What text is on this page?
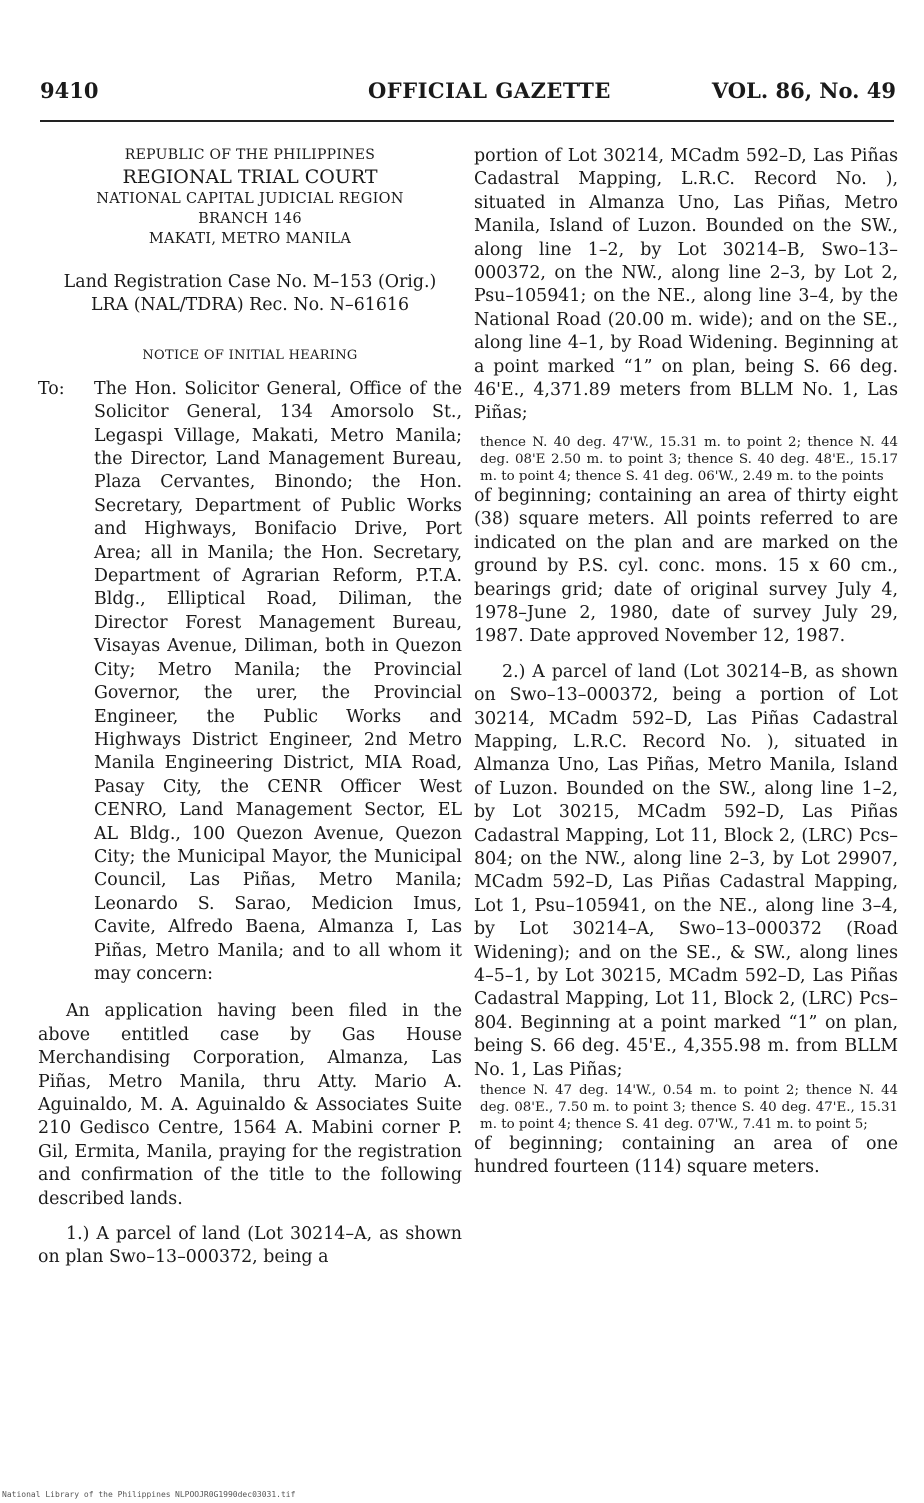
9410	OFFICIAL GAZETTE	VOL. 86, No. 49
REPUBLIC OF THE PHILIPPINES
REGIONAL TRIAL COURT
NATIONAL CAPITAL JUDICIAL REGION
BRANCH 146
MAKATI, METRO MANILA
Land Registration Case No. M–153 (Orig.)
LRA (NAL/TDRA) Rec. No. N–61616
NOTICE OF INITIAL HEARING
To:	The Hon. Solicitor General, Office of the Solicitor General, 134 Amorsolo St., Legaspi Village, Makati, Metro Manila; the Director, Land Management Bureau, Plaza Cervantes, Binondo; the Hon. Secretary, Department of Public Works and Highways, Bonifacio Drive, Port Area; all in Manila; the Hon. Secretary, Department of Agrarian Reform, P.T.A. Bldg., Elliptical Road, Diliman, the Director Forest Management Bureau, Visayas Avenue, Diliman, both in Quezon City; Metro Manila; the Provincial Governor, the urer, the Provincial Engineer, the Public Works and Highways District Engineer, 2nd Metro Manila Engineering District, MIA Road, Pasay City, the CENR Officer West CENRO, Land Management Sector, EL AL Bldg., 100 Quezon Avenue, Quezon City; the Municipal Mayor, the Municipal Council, Las Piñas, Metro Manila; Leonardo S. Sarao, Medicion Imus, Cavite, Alfredo Baena, Almanza I, Las Piñas, Metro Manila; and to all whom it may concern:

An application having been filed in the above entitled case by Gas House Merchandising Corporation, Almanza, Las Piñas, Metro Manila, thru Atty. Mario A. Aguinaldo, M. A. Aguinaldo & Associates Suite 210 Gedisco Centre, 1564 A. Mabini corner P. Gil, Ermita, Manila, praying for the registration and confirmation of the title to the following described lands.

1.) A parcel of land (Lot 30214–A, as shown on plan Swo–13–000372, being a

portion of Lot 30214, MCadm 592–D, Las Piñas Cadastral Mapping, L.R.C. Record No. ), situated in Almanza Uno, Las Piñas, Metro Manila, Island of Luzon. Bounded on the SW., along line 1–2, by Lot 30214–B, Swo–13–000372, on the NW., along line 2–3, by Lot 2, Psu–105941; on the NE., along line 3–4, by the National Road (20.00 m. wide); and on the SE., along line 4–1, by Road Widening. Beginning at a point marked “1” on plan, being S. 66 deg. 46'E., 4,371.89 meters from BLLM No. 1, Las Piñas;

thence N. 40 deg. 47'W., 15.31 m. to point 2; thence N. 44 deg. 08'E 2.50 m. to point 3; thence S. 40 deg. 48'E., 15.17 m. to point 4; thence S. 41 deg. 06'W., 2.49 m. to the points

of beginning; containing an area of thirty eight (38) square meters. All points referred to are indicated on the plan and are marked on the ground by P.S. cyl. conc. mons. 15 x 60 cm., bearings grid; date of original survey July 4, 1978–June 2, 1980, date of survey July 29, 1987. Date approved November 12, 1987.

2.) A parcel of land (Lot 30214–B, as shown on Swo–13–000372, being a portion of Lot 30214, MCadm 592–D, Las Piñas Cadastral Mapping, L.R.C. Record No. ), situated in Almanza Uno, Las Piñas, Metro Manila, Island of Luzon. Bounded on the SW., along line 1–2, by Lot 30215, MCadm 592–D, Las Piñas Cadastral Mapping, Lot 11, Block 2, (LRC) Pcs–804; on the NW., along line 2–3, by Lot 29907, MCadm 592–D, Las Piñas Cadastral Mapping, Lot 1, Psu–105941, on the NE., along line 3–4, by Lot 30214–A, Swo–13–000372 (Road Widening); and on the SE., & SW., along lines 4–5–1, by Lot 30215, MCadm 592–D, Las Piñas Cadastral Mapping, Lot 11, Block 2, (LRC) Pcs–804. Beginning at a point marked “1” on plan, being S. 66 deg. 45'E., 4,355.98 m. from BLLM No. 1, Las Piñas;

thence N. 47 deg. 14'W., 0.54 m. to point 2; thence N. 44 deg. 08'E., 7.50 m. to point 3; thence S. 40 deg. 47'E., 15.31 m. to point 4; thence S. 41 deg. 07'W., 7.41 m. to point 5;

of beginning; containing an area of one hundred fourteen (114) square meters.

National Library of the Philippines NLPOOJR0G1990dec03031.tif
